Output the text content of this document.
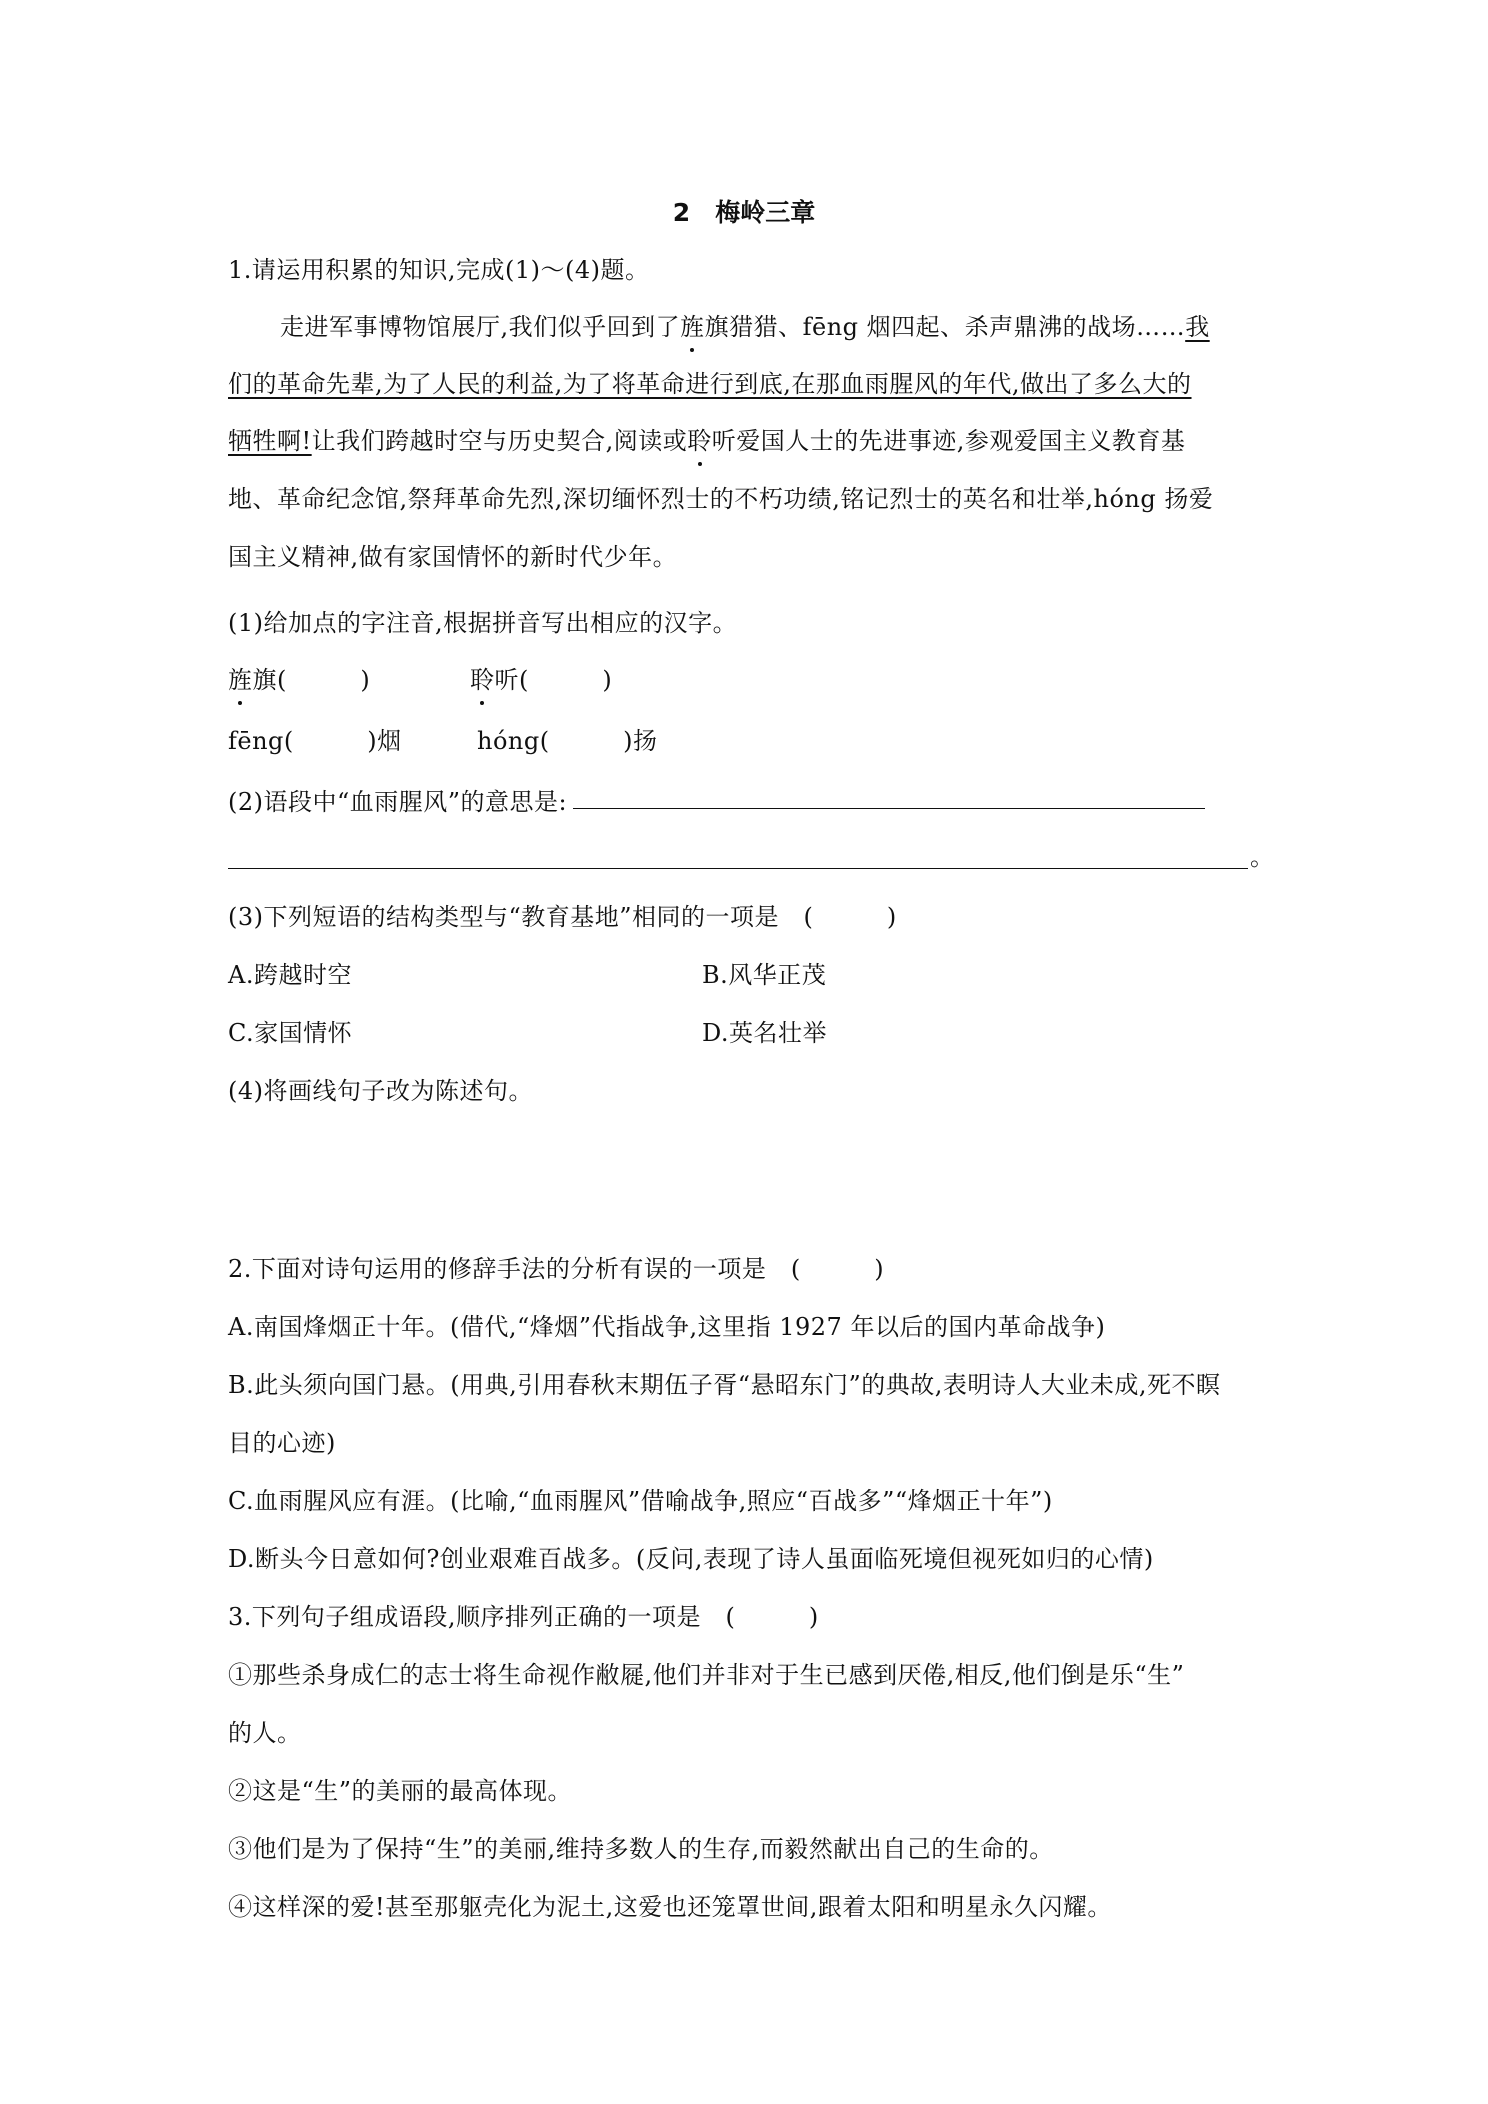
2　梅岭三章
1.请运用积累的知识,完成(1)～(4)题。
走进军事博物馆展厅,我们似乎回到了旌旗猎猎、fēng 烟四起、杀声鼎沸的战场……我
们的革命先辈,为了人民的利益,为了将革命进行到底,在那血雨腥风的年代,做出了多么大的
牺牲啊!让我们跨越时空与历史契合,阅读或聆听爱国人士的先进事迹,参观爱国主义教育基
地、革命纪念馆,祭拜革命先烈,深切缅怀烈士的不朽功绩,铭记烈士的英名和壮举,hóng 扬爱
国主义精神,做有家国情怀的新时代少年。
(1)给加点的字注音,根据拼音写出相应的汉字。
旌旗(　　　)	聆听(　　　)
fēng(　　　)烟	hóng(　　　)扬
(2)语段中“血雨腥风”的意思是:
。
(3)下列短语的结构类型与“教育基地”相同的一项是　(　　　)
A.跨越时空	B.风华正茂
C.家国情怀	D.英名壮举
(4)将画线句子改为陈述句。
2.下面对诗句运用的修辞手法的分析有误的一项是　(　　　)
A.南国烽烟正十年。(借代,“烽烟”代指战争,这里指 1927 年以后的国内革命战争)
B.此头须向国门悬。(用典,引用春秋末期伍子胥“悬昭东门”的典故,表明诗人大业未成,死不瞑
目的心迹)
C.血雨腥风应有涯。(比喻,“血雨腥风”借喻战争,照应“百战多”“烽烟正十年”)
D.断头今日意如何?创业艰难百战多。(反问,表现了诗人虽面临死境但视死如归的心情)
3.下列句子组成语段,顺序排列正确的一项是　(　　　)
①那些杀身成仁的志士将生命视作敝屣,他们并非对于生已感到厌倦,相反,他们倒是乐“生”
的人。
②这是“生”的美丽的最高体现。
③他们是为了保持“生”的美丽,维持多数人的生存,而毅然献出自己的生命的。
④这样深的爱!甚至那躯壳化为泥土,这爱也还笼罩世间,跟着太阳和明星永久闪耀。
